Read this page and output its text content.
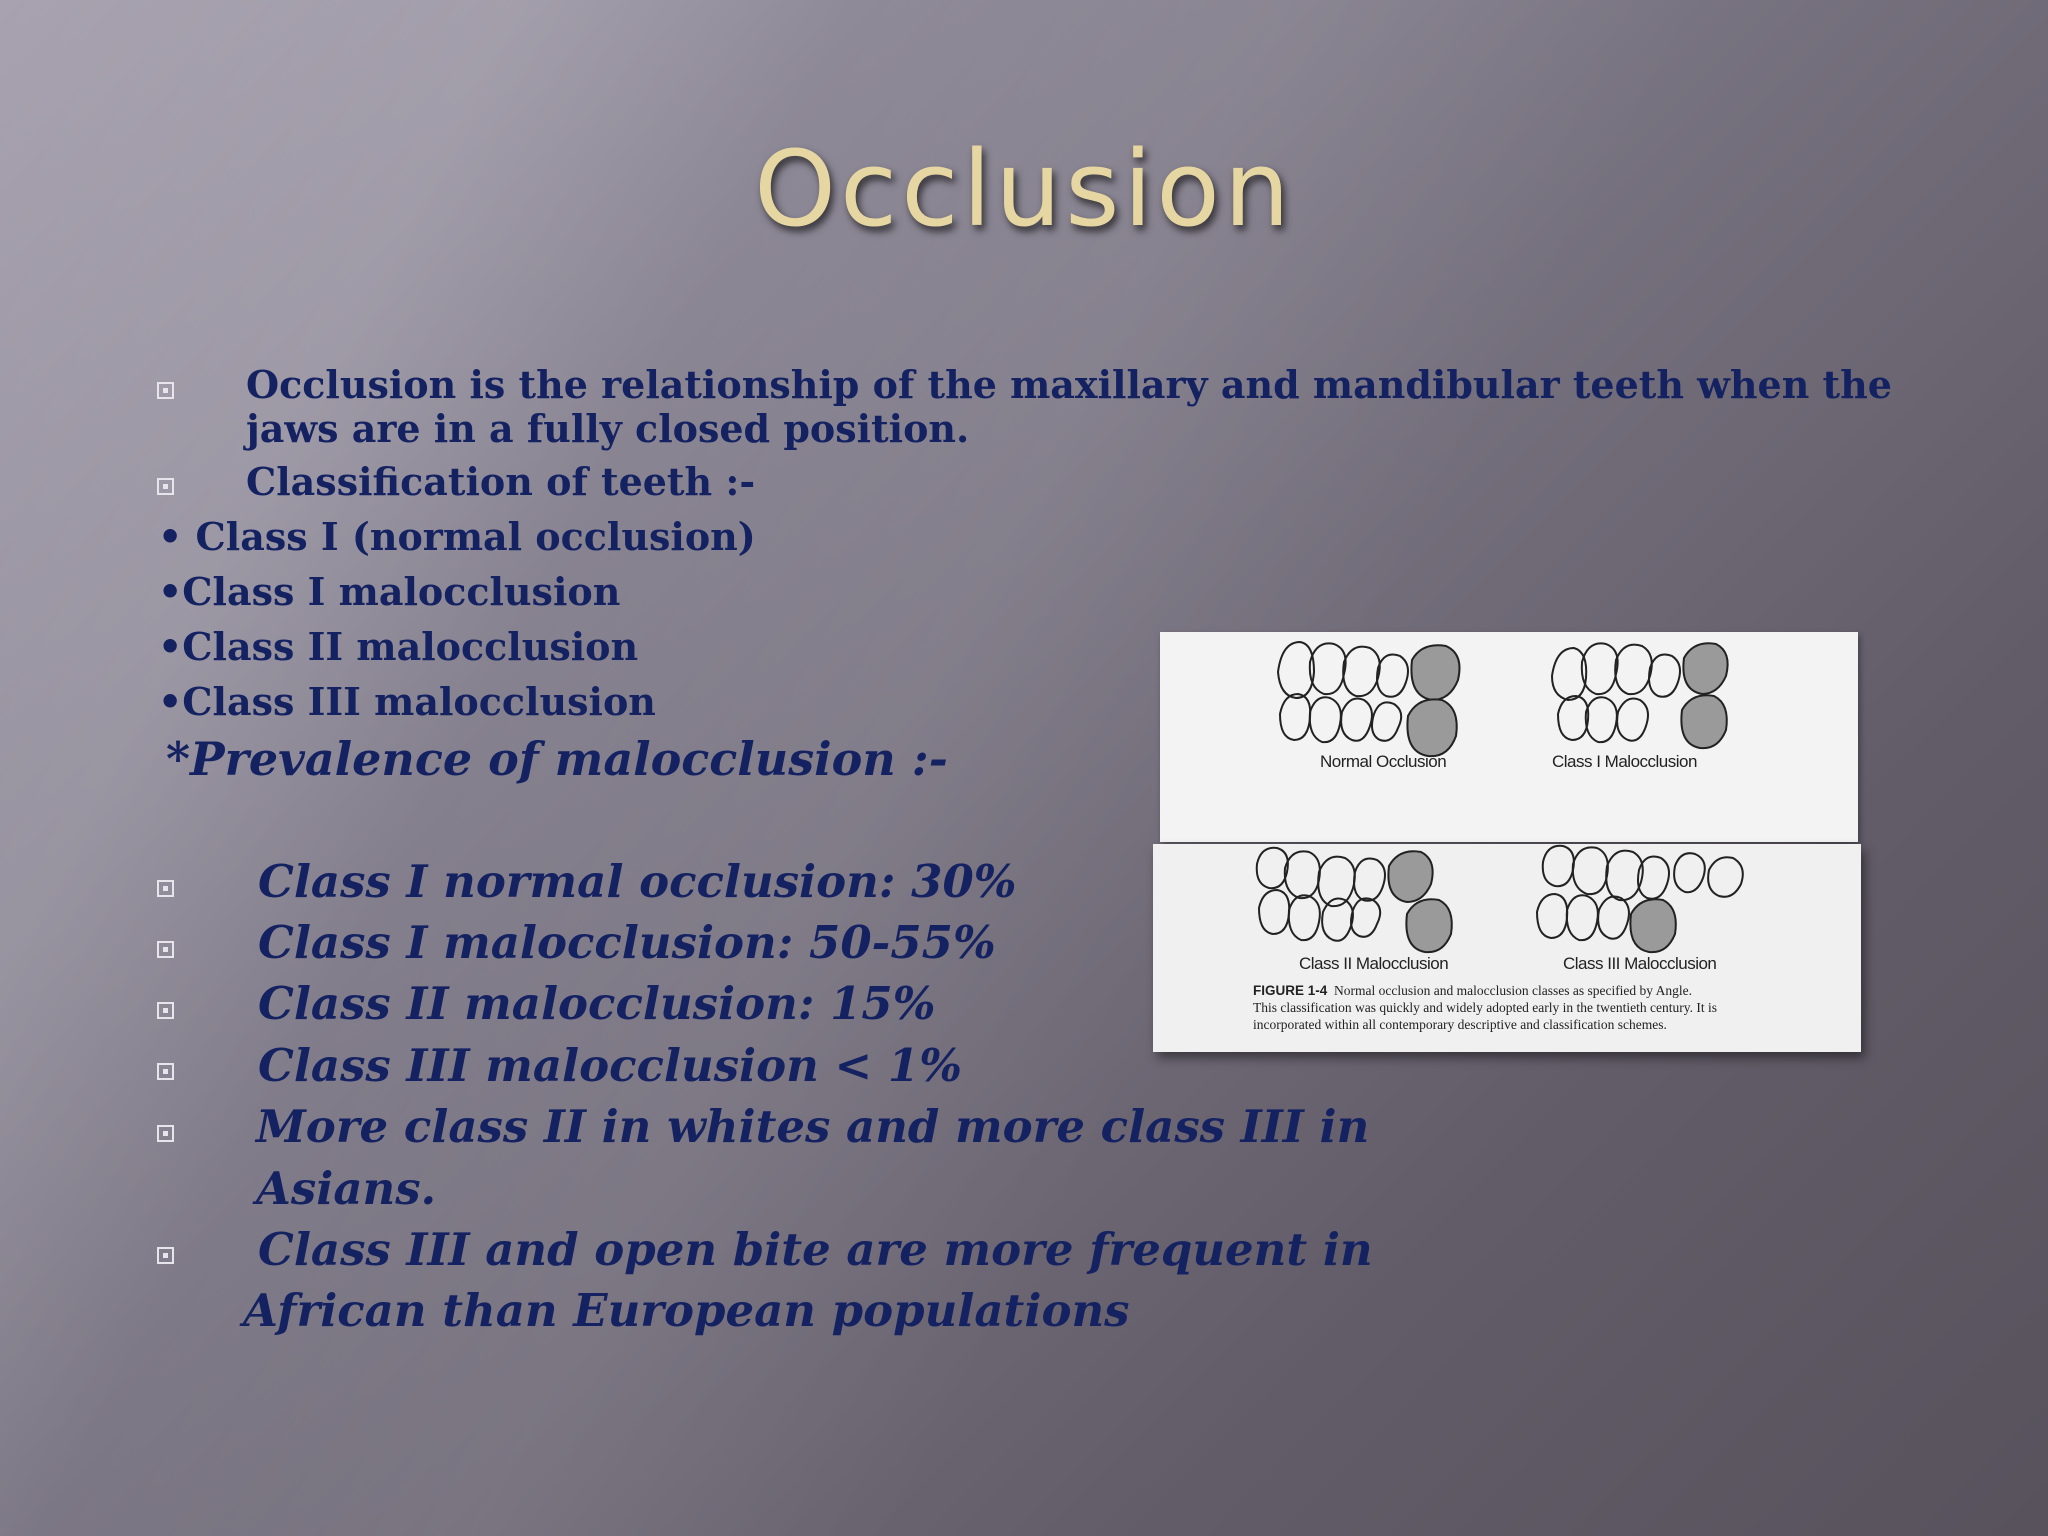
Occlusion
Occlusion is the relationship of the maxillary and mandibular teeth when the
jaws are in a fully closed position.
Classification of teeth :-
• Class I (normal occlusion)
•Class I malocclusion
•Class II malocclusion
•Class III malocclusion
*Prevalence of malocclusion :-
Class I normal occlusion: 30%
Class I malocclusion: 50-55%
Class II malocclusion: 15%
Class III malocclusion < 1%
More class II in whites and more class III in
Asians.
Class III and open bite are more frequent in
African than European populations
Normal Occlusion	Class I Malocclusion
Class II Malocclusion	Class III Malocclusion
FIGURE 1-4 Normal occlusion and malocclusion classes as specified by Angle.
This classification was quickly and widely adopted early in the twentieth century. It is
incorporated within all contemporary descriptive and classification schemes.
